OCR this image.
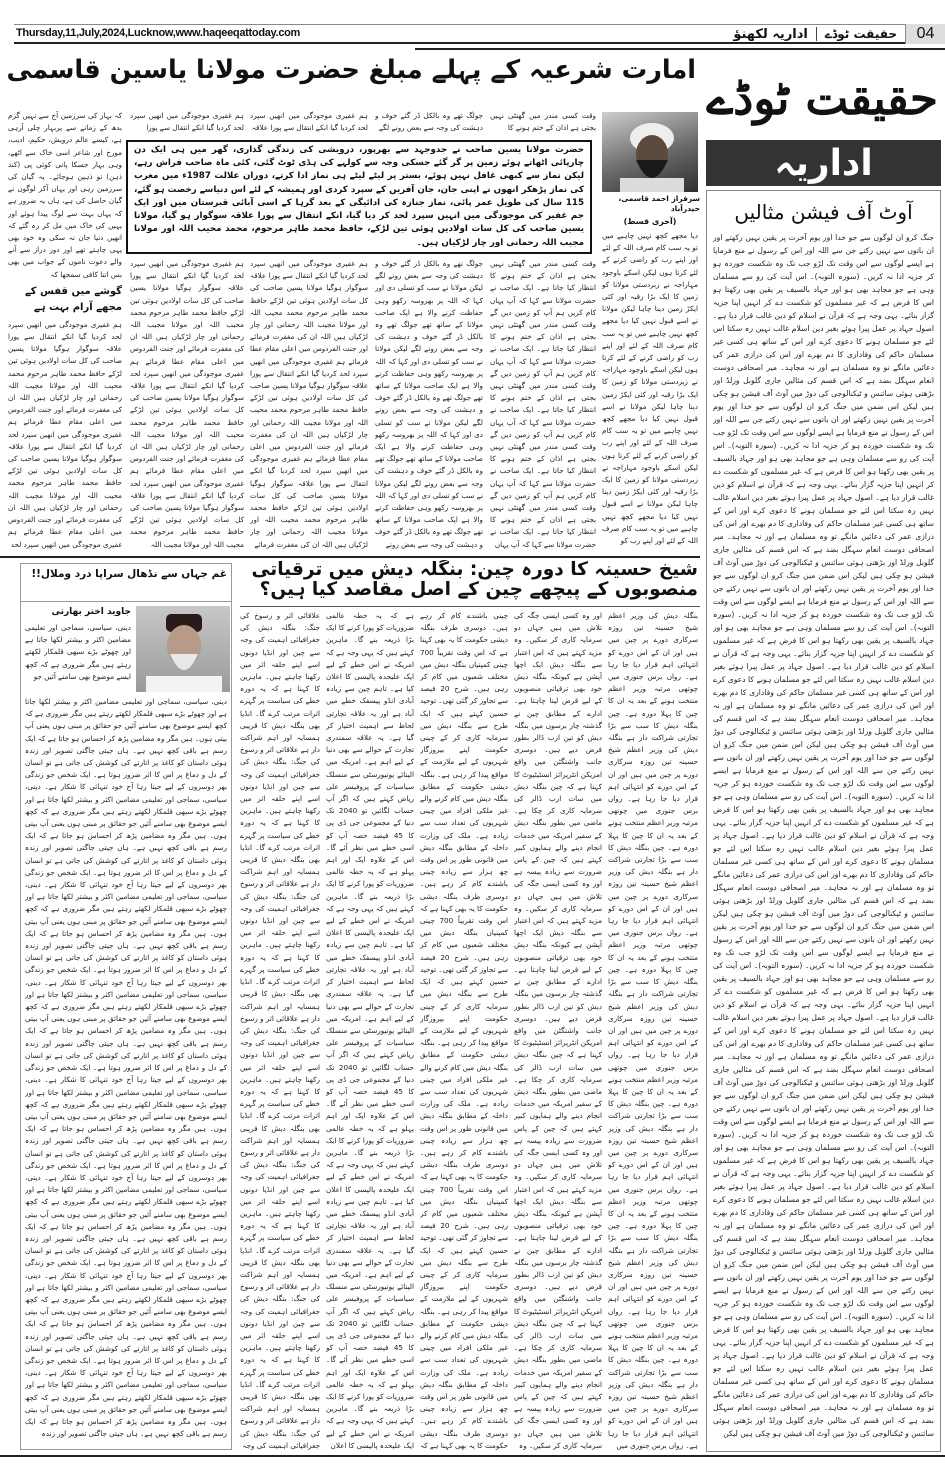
Thursday,11,July,2024,Lucknow,www.haqeeqattoday.com	04
حقیقت ٹوڈے
اداریہ لکھنؤ
امارت شرعیہ کے پہلے مبلغ حضرت مولانا یاسین قاسمی
حقیقت ٹوڈے
اداریہ
آوٹ آف فیشن مثالیں
جنگ کرو ان لوگوں سے جو خدا اور یوم آخرت پر یقین نہیں رکھتے اور ان باتوں سے نہیں رکتے جن سے اللہ اور اس کے رسول نے منع فرمایا ہے ایسے لوگوں سے اس وقت تک لڑو جب تک وہ شکست خوردہ ہو کر جزیہ ادا نہ کریں۔ (سورہ التوبہ)۔ اس آیت کی رو سے مسلمان وہی ہے جو مجاہد بھی ہو اور جہاد بالسیف پر یقین بھی رکھتا ہو اس کا فرض ہے کہ غیر مسلموں کو شکست دے کر انہیں اپنا جزیہ گزار بنائے۔ یہی وجہ ہے کہ قرآن نے اسلام کو دین غالب قرار دیا ہے۔ اصول جہاد پر عمل پیرا ہوئے بغیر دین اسلام غالب نہیں رہ سکتا اس لئے جو مسلمان ہونے کا دعوی کرے اور اس کے ساتھ ہی کسی غیر مسلمان حاکم کی وفاداری کا دم بھرے اور اس کی درازی عمر کی دعائیں مانگے تو وہ مسلمان ہے اور نہ مجاہد۔ میر اصحافی دوست انعام سہگل بضد ہے کہ اس قسم کی مثالیں جاری گلوبل ورلڈ اور بڑھتی ہوئی سائنس و ٹیکنالوجی کی دوڑ میں آوٹ آف فیشن ہو چکی ہیں لیکن اس ضمن میں جنگ کرو ان لوگوں سے جو خدا اور یوم آخرت پر یقین نہیں رکھتے اور ان باتوں سے نہیں رکتے جن سے اللہ اور اس کے رسول نے منع فرمایا ہے ایسے لوگوں سے اس وقت تک لڑو جب تک وہ شکست خوردہ ہو کر جزیہ ادا نہ کریں۔ (سورہ التوبہ)۔ اس آیت کی رو سے مسلمان وہی ہے جو مجاہد بھی ہو اور جہاد بالسیف پر یقین بھی رکھتا ہو اس کا فرض ہے کہ غیر مسلموں کو شکست دے کر انہیں اپنا جزیہ گزار بنائے۔ یہی وجہ ہے کہ قرآن نے اسلام کو دین غالب قرار دیا ہے۔ اصول جہاد پر عمل پیرا ہوئے بغیر دین اسلام غالب نہیں رہ سکتا اس لئے جو مسلمان ہونے کا دعوی کرے اور اس کے ساتھ ہی کسی غیر مسلمان حاکم کی وفاداری کا دم بھرے اور اس کی درازی عمر کی دعائیں مانگے تو وہ مسلمان ہے اور نہ مجاہد۔ میر اصحافی دوست انعام سہگل بضد ہے کہ اس قسم کی مثالیں جاری گلوبل ورلڈ اور بڑھتی ہوئی سائنس و ٹیکنالوجی کی دوڑ میں آوٹ آف فیشن ہو چکی ہیں لیکن اس ضمن میں جنگ کرو ان لوگوں سے جو خدا اور یوم آخرت پر یقین نہیں رکھتے اور ان باتوں سے نہیں رکتے جن سے اللہ اور اس کے رسول نے منع فرمایا ہے ایسے لوگوں سے اس وقت تک لڑو جب تک وہ شکست خوردہ ہو کر جزیہ ادا نہ کریں۔ (سورہ التوبہ)۔ اس آیت کی رو سے مسلمان وہی ہے جو مجاہد بھی ہو اور جہاد بالسیف پر یقین بھی رکھتا ہو اس کا فرض ہے کہ غیر مسلموں کو شکست دے کر انہیں اپنا جزیہ گزار بنائے۔ یہی وجہ ہے کہ قرآن نے اسلام کو دین غالب قرار دیا ہے۔ اصول جہاد پر عمل پیرا ہوئے بغیر دین اسلام غالب نہیں رہ سکتا اس لئے جو مسلمان ہونے کا دعوی کرے اور اس کے ساتھ ہی کسی غیر مسلمان حاکم کی وفاداری کا دم بھرے اور اس کی درازی عمر کی دعائیں مانگے تو وہ مسلمان ہے اور نہ مجاہد۔ میر اصحافی دوست انعام سہگل بضد ہے کہ اس قسم کی مثالیں جاری گلوبل ورلڈ اور بڑھتی ہوئی سائنس و ٹیکنالوجی کی دوڑ میں آوٹ آف فیشن ہو چکی ہیں لیکن اس ضمن میں جنگ کرو ان لوگوں سے جو خدا اور یوم آخرت پر یقین نہیں رکھتے اور ان باتوں سے نہیں رکتے جن سے اللہ اور اس کے رسول نے منع فرمایا ہے ایسے لوگوں سے اس وقت تک لڑو جب تک وہ شکست خوردہ ہو کر جزیہ ادا نہ کریں۔ (سورہ التوبہ)۔ اس آیت کی رو سے مسلمان وہی ہے جو مجاہد بھی ہو اور جہاد بالسیف پر یقین بھی رکھتا ہو اس کا فرض ہے کہ غیر مسلموں کو شکست دے کر انہیں اپنا جزیہ گزار بنائے۔ یہی وجہ ہے کہ قرآن نے اسلام کو دین غالب قرار دیا ہے۔ اصول جہاد پر عمل پیرا ہوئے بغیر دین اسلام غالب نہیں رہ سکتا اس لئے جو مسلمان ہونے کا دعوی کرے اور اس کے ساتھ ہی کسی غیر مسلمان حاکم کی وفاداری کا دم بھرے اور اس کی درازی عمر کی دعائیں مانگے تو وہ مسلمان ہے اور نہ مجاہد۔ میر اصحافی دوست انعام سہگل بضد ہے کہ اس قسم کی مثالیں جاری گلوبل ورلڈ اور بڑھتی ہوئی سائنس و ٹیکنالوجی کی دوڑ میں آوٹ آف فیشن ہو چکی ہیں لیکن اس ضمن میں جنگ کرو ان لوگوں سے جو خدا اور یوم آخرت پر یقین نہیں رکھتے اور ان باتوں سے نہیں رکتے جن سے اللہ اور اس کے رسول نے منع فرمایا ہے ایسے لوگوں سے اس وقت تک لڑو جب تک وہ شکست خوردہ ہو کر جزیہ ادا نہ کریں۔ (سورہ التوبہ)۔ اس آیت کی رو سے مسلمان وہی ہے جو مجاہد بھی ہو اور جہاد بالسیف پر یقین بھی رکھتا ہو اس کا فرض ہے کہ غیر مسلموں کو شکست دے کر انہیں اپنا جزیہ گزار بنائے۔ یہی وجہ ہے کہ قرآن نے اسلام کو دین غالب قرار دیا ہے۔ اصول جہاد پر عمل پیرا ہوئے بغیر دین اسلام غالب نہیں رہ سکتا اس لئے جو مسلمان ہونے کا دعوی کرے اور اس کے ساتھ ہی کسی غیر مسلمان حاکم کی وفاداری کا دم بھرے اور اس کی درازی عمر کی دعائیں مانگے تو وہ مسلمان ہے اور نہ مجاہد۔ میر اصحافی دوست انعام سہگل بضد ہے کہ اس قسم کی مثالیں جاری گلوبل ورلڈ اور بڑھتی ہوئی سائنس و ٹیکنالوجی کی دوڑ میں آوٹ آف فیشن ہو چکی ہیں لیکن اس ضمن میں جنگ کرو ان لوگوں سے جو خدا اور یوم آخرت پر یقین نہیں رکھتے اور ان باتوں سے نہیں رکتے جن سے اللہ اور اس کے رسول نے منع فرمایا ہے ایسے لوگوں سے اس وقت تک لڑو جب تک وہ شکست خوردہ ہو کر جزیہ ادا نہ کریں۔ (سورہ التوبہ)۔ اس آیت کی رو سے مسلمان وہی ہے جو مجاہد بھی ہو اور جہاد بالسیف پر یقین بھی رکھتا ہو اس کا فرض ہے کہ غیر مسلموں کو شکست دے کر انہیں اپنا جزیہ گزار بنائے۔ یہی وجہ ہے کہ قرآن نے اسلام کو دین غالب قرار دیا ہے۔ اصول جہاد پر عمل پیرا ہوئے بغیر دین اسلام غالب نہیں رہ سکتا اس لئے جو مسلمان ہونے کا دعوی کرے اور اس کے ساتھ ہی کسی غیر مسلمان حاکم کی وفاداری کا دم بھرے اور اس کی درازی عمر کی دعائیں مانگے تو وہ مسلمان ہے اور نہ مجاہد۔ میر اصحافی دوست انعام سہگل بضد ہے کہ اس قسم کی مثالیں جاری گلوبل ورلڈ اور بڑھتی ہوئی سائنس و ٹیکنالوجی کی دوڑ میں آوٹ آف فیشن ہو چکی ہیں لیکن اس ضمن میں جنگ کرو ان لوگوں سے جو خدا اور یوم آخرت پر یقین نہیں رکھتے اور ان باتوں سے نہیں رکتے جن سے اللہ اور اس کے رسول نے منع فرمایا ہے ایسے لوگوں سے اس وقت تک لڑو جب تک وہ شکست خوردہ ہو کر جزیہ ادا نہ کریں۔ (سورہ التوبہ)۔ اس آیت کی رو سے مسلمان وہی ہے جو مجاہد بھی ہو اور جہاد بالسیف پر یقین بھی رکھتا ہو اس کا فرض ہے کہ غیر مسلموں کو شکست دے کر انہیں اپنا جزیہ گزار بنائے۔ یہی وجہ ہے کہ قرآن نے اسلام کو دین غالب قرار دیا ہے۔ اصول جہاد پر عمل پیرا ہوئے بغیر دین اسلام غالب نہیں رہ سکتا اس لئے جو مسلمان ہونے کا دعوی کرے اور اس کے ساتھ ہی کسی غیر مسلمان حاکم کی وفاداری کا دم بھرے اور اس کی درازی عمر کی دعائیں مانگے تو وہ مسلمان ہے اور نہ مجاہد۔ میر اصحافی دوست انعام سہگل بضد ہے کہ اس قسم کی مثالیں جاری گلوبل ورلڈ اور بڑھتی ہوئی سائنس و ٹیکنالوجی کی دوڑ میں آوٹ آف فیشن ہو چکی ہیں لیکن
سرفراز احمد قاسمی، حیدرآباد
(آخری قسط)
دیا مجھے کچھ نہیں چاہیے میں تو یہ سب کام صرف اللہ کے لئے اور اپنے رب کو راضی کرنے کے لئے کرتا ہوں لیکن اسکے باوجود مہاراجہ نے زبردستی مولانا کو زمین کا ایک بڑا رقبہ اور کئی ایکڑ زمین دینا چاہا لیکن مولانا نے اسے قبول نہیں کیا دیا مجھے کچھ نہیں چاہیے میں تو یہ سب کام صرف اللہ کے لئے اور اپنے رب کو راضی کرنے کے لئے کرتا ہوں لیکن اسکے باوجود مہاراجہ نے زبردستی مولانا کو زمین کا ایک بڑا رقبہ اور کئی ایکڑ زمین دینا چاہا لیکن مولانا نے اسے قبول نہیں کیا دیا مجھے کچھ نہیں چاہیے میں تو یہ سب کام صرف اللہ کے لئے اور اپنے رب کو راضی کرنے کے لئے کرتا ہوں لیکن اسکے باوجود مہاراجہ نے زبردستی مولانا کو زمین کا ایک بڑا رقبہ اور کئی ایکڑ زمین دینا چاہا لیکن مولانا نے اسے قبول نہیں کیا دیا مجھے کچھ نہیں چاہیے میں تو یہ سب کام صرف اللہ کے لئے اور اپنے رب کو
وقت کسی مندر میں گھنٹی نہیں بجتی ہے اذان کے ختم ہونے کا
وقت کسی مندر میں گھنٹی نہیں بجتی ہے اذان کے ختم ہونے کا انتظار کیا جاتا ہے۔ ایک صاحب نے حضرت مولانا سے کہا کہ آپ یہاں کام کریں ہم آپ کو زمین دیں گے وقت کسی مندر میں گھنٹی نہیں بجتی ہے اذان کے ختم ہونے کا انتظار کیا جاتا ہے۔ ایک صاحب نے حضرت مولانا سے کہا کہ آپ یہاں کام کریں ہم آپ کو زمین دیں گے وقت کسی مندر میں گھنٹی نہیں بجتی ہے اذان کے ختم ہونے کا انتظار کیا جاتا ہے۔ ایک صاحب نے حضرت مولانا سے کہا کہ آپ یہاں کام کریں ہم آپ کو زمین دیں گے وقت کسی مندر میں گھنٹی نہیں بجتی ہے اذان کے ختم ہونے کا انتظار کیا جاتا ہے۔ ایک صاحب نے حضرت مولانا سے کہا کہ آپ یہاں کام کریں ہم آپ کو زمین دیں گے وقت کسی مندر میں گھنٹی نہیں بجتی ہے اذان کے ختم ہونے کا انتظار کیا جاتا ہے۔ ایک صاحب نے حضرت مولانا سے کہا کہ آپ یہاں
جولگ تھے وہ بالکل ڈر گئے خوف و دہشت کی وجہ سے بعض رونے لگے
جولگ تھے وہ بالکل ڈر گئے خوف و دہشت کی وجہ سے بعض رونے لگے لیکن مولانا نے سب کو تسلی دی اور کہا کہ اللہ پر بھروسہ رکھو وہی حفاظت کرنے والا ہے ایک صاحب مولانا کے ساتھ تھے جولگ تھے وہ بالکل ڈر گئے خوف و دہشت کی وجہ سے بعض رونے لگے لیکن مولانا نے سب کو تسلی دی اور کہا کہ اللہ پر بھروسہ رکھو وہی حفاظت کرنے والا ہے ایک صاحب مولانا کے ساتھ تھے جولگ تھے وہ بالکل ڈر گئے خوف و دہشت کی وجہ سے بعض رونے لگے لیکن مولانا نے سب کو تسلی دی اور کہا کہ اللہ پر بھروسہ رکھو وہی حفاظت کرنے والا ہے ایک صاحب مولانا کے ساتھ تھے جولگ تھے وہ بالکل ڈر گئے خوف و دہشت کی وجہ سے بعض رونے لگے لیکن مولانا نے سب کو تسلی دی اور کہا کہ اللہ پر بھروسہ رکھو وہی حفاظت کرنے والا ہے ایک صاحب مولانا کے ساتھ تھے جولگ تھے وہ بالکل ڈر گئے خوف و دہشت کی وجہ سے بعض رونے
ہم غفیری موجودگی میں انھیں سپرد لحد کردیا گیا انکے انتقال سے پورا علاقہ
ہم غفیری موجودگی میں انھیں سپرد لحد کردیا گیا انکے انتقال سے پورا علاقہ سوگوار ہوگیا مولانا یسین صاحب کی کل سات اولادیں ہوئی تین لڑکے حافظ محمد طاہر مرحوم محمد محیب اللہ اور مولانا مجیب اللہ رحمانی اور چار لڑکیاں ہیں اللہ ان کی مغفرت فرمائے اور جنت الفردوس میں اعلی مقام عطا فرمائے ہم غفیری موجودگی میں انھیں سپرد لحد کردیا گیا انکے انتقال سے پورا علاقہ سوگوار ہوگیا مولانا یسین صاحب کی کل سات اولادیں ہوئی تین لڑکے حافظ محمد طاہر مرحوم محمد محیب اللہ اور مولانا مجیب اللہ رحمانی اور چار لڑکیاں ہیں اللہ ان کی مغفرت فرمائے اور جنت الفردوس میں اعلی مقام عطا فرمائے ہم غفیری موجودگی میں انھیں سپرد لحد کردیا گیا انکے انتقال سے پورا علاقہ سوگوار ہوگیا مولانا یسین صاحب کی کل سات اولادیں ہوئی تین لڑکے حافظ محمد طاہر مرحوم محمد محیب اللہ اور مولانا مجیب اللہ رحمانی اور چار لڑکیاں ہیں اللہ ان کی مغفرت فرمائے
ہم غفیری موجودگی میں انھیں سپرد لحد کردیا گیا انکے انتقال سے پورا
ہم غفیری موجودگی میں انھیں سپرد لحد کردیا گیا انکے انتقال سے پورا علاقہ سوگوار ہوگیا مولانا یسین صاحب کی کل سات اولادیں ہوئی تین لڑکے حافظ محمد طاہر مرحوم محمد محیب اللہ اور مولانا مجیب اللہ رحمانی اور چار لڑکیاں ہیں اللہ ان کی مغفرت فرمائے اور جنت الفردوس میں اعلی مقام عطا فرمائے ہم غفیری موجودگی میں انھیں سپرد لحد کردیا گیا انکے انتقال سے پورا علاقہ سوگوار ہوگیا مولانا یسین صاحب کی کل سات اولادیں ہوئی تین لڑکے حافظ محمد طاہر مرحوم محمد محیب اللہ اور مولانا مجیب اللہ رحمانی اور چار لڑکیاں ہیں اللہ ان کی مغفرت فرمائے اور جنت الفردوس میں اعلی مقام عطا فرمائے ہم غفیری موجودگی میں انھیں سپرد لحد کردیا گیا انکے انتقال سے پورا علاقہ سوگوار ہوگیا مولانا یسین صاحب کی کل سات اولادیں ہوئی تین لڑکے حافظ محمد طاہر مرحوم محمد محیب اللہ اور مولانا مجیب اللہ
کہ بہار کی سرزمین آج سے نہیں گزم بدھ کے زمانے سے پربہار چلی آرہی ہے، کیسے عالم درویش، حکیم، ادیب، مورخ اور شاعر اسی خاک سے اٹھے، وہی بہار جسکا پانی کوئی پی (کند ذہن) تو ذہین ہوجائے۔ یہ گیان کی سرزمین رہی اور یہاں آکر لوگوں نے گیان حاصل کی ہے، ہاں یہ ضرور ہے کہ یہاں بہت سے لوگ پیدا ہوئے اور یہیں کی خاک میں مل کر رہ گئے کہ انھیں دنیا جان نہ سکی وہ خود بھی یہی چاہتے تھے اور دور دراز سے آنے والے دعوت ناموں کے جواب میں بھی بس اتنا کافی سمجھا کہ
گوشے میں قفس کے مجھے آرام بہت ہے
ہم غفیری موجودگی میں انھیں سپرد لحد کردیا گیا انکے انتقال سے پورا علاقہ سوگوار ہوگیا مولانا یسین صاحب کی کل سات اولادیں ہوئی تین لڑکے حافظ محمد طاہر مرحوم محمد محیب اللہ اور مولانا مجیب اللہ رحمانی اور چار لڑکیاں ہیں اللہ ان کی مغفرت فرمائے اور جنت الفردوس میں اعلی مقام عطا فرمائے ہم غفیری موجودگی میں انھیں سپرد لحد کردیا گیا انکے انتقال سے پورا علاقہ سوگوار ہوگیا مولانا یسین صاحب کی کل سات اولادیں ہوئی تین لڑکے حافظ محمد طاہر مرحوم محمد محیب اللہ اور مولانا مجیب اللہ رحمانی اور چار لڑکیاں ہیں اللہ ان کی مغفرت فرمائے اور جنت الفردوس میں اعلی مقام عطا فرمائے ہم غفیری موجودگی میں انھیں سپرد لحد
حضرت مولانا یسین صاحب نے جدوجہد سے بھرپور، درویشی کی زندگی گذاری، گھر میں ہی ایک دن چارپائی اٹھاتے ہوئے زمین پر گر گئے جسکی وجہ سے کولہے کی ہڈی ٹوٹ گئی، کئی ماہ صاحب فراش رہے، لیکن نماز سے کبھی غافل نہیں ہوئے، بستر پر لیٹے لیٹے ہی نماز ادا کرتے، دوران علالت 1987ء میں مغرب کی نماز پڑھکر انھوں نے اپنی جان، جان آفریں کے سپرد کردی اور ہمیشہ کے لئے اس دنیاسے رخصت ہو گئے، 115 سال کی طویل عمر پائی، نماز جنازہ کی ادائیگی کے بعد گرہا کے اسی آبائی قبرستان میں اور ایک جم غفیر کی موجودگی میں انہیں سپرد لحد کر دیا گیا، انکے انتقال سے پورا علاقہ سوگوار ہو گیا، مولانا یسین صاحب کی کل سات اولادیں ہوئی تین لڑکے، حافظ محمد طاہر مرحوم، محمد محیب اللہ اور مولانا مجیب اللہ رحمانی اور چار لڑکیاں ہیں۔
شیخ حسینہ کا دورہ چین: بنگلہ دیش میں ترقیاتی منصوبوں کے پیچھے چین کے اصل مقاصد کیا ہیں؟
بنگلہ دیش کی وزیر اعظم شیخ حسینہ تین روزہ سرکاری دورے پر چین میں ہیں اور ان کے اس دورے کو انتہائی اہم قرار دیا جا رہا ہے۔ رواں برس جنوری میں چوتھی مرتبہ وزیر اعظم منتخب ہونے کے بعد یہ ان کا چین کا پہلا دورہ ہے۔ چین بنگلہ دیش کا سب سے بڑا تجارتی شراکت دار ہے بنگلہ دیش کی وزیر اعظم شیخ حسینہ تین روزہ سرکاری دورے پر چین میں ہیں اور ان کے اس دورے کو انتہائی اہم قرار دیا جا رہا ہے۔ رواں برس جنوری میں چوتھی مرتبہ وزیر اعظم منتخب ہونے کے بعد یہ ان کا چین کا پہلا دورہ ہے۔ چین بنگلہ دیش کا سب سے بڑا تجارتی شراکت دار ہے بنگلہ دیش کی وزیر اعظم شیخ حسینہ تین روزہ سرکاری دورے پر چین میں ہیں اور ان کے اس دورے کو انتہائی اہم قرار دیا جا رہا ہے۔ رواں برس جنوری میں چوتھی مرتبہ وزیر اعظم منتخب ہونے کے بعد یہ ان کا چین کا پہلا دورہ ہے۔ چین بنگلہ دیش کا سب سے بڑا تجارتی شراکت دار ہے بنگلہ دیش کی وزیر اعظم شیخ حسینہ تین روزہ سرکاری دورے پر چین میں ہیں اور ان کے اس دورے کو انتہائی اہم قرار دیا جا رہا ہے۔ رواں برس جنوری میں چوتھی مرتبہ وزیر اعظم منتخب ہونے کے بعد یہ ان کا چین کا پہلا دورہ ہے۔ چین بنگلہ دیش کا سب سے بڑا تجارتی شراکت دار ہے بنگلہ دیش کی وزیر اعظم شیخ حسینہ تین روزہ سرکاری دورے پر چین میں ہیں اور ان کے اس دورے کو انتہائی اہم قرار دیا جا رہا ہے۔ رواں برس جنوری میں چوتھی مرتبہ وزیر اعظم منتخب ہونے کے بعد یہ ان کا چین کا پہلا دورہ ہے۔ چین بنگلہ دیش کا سب سے بڑا تجارتی شراکت دار ہے بنگلہ دیش کی وزیر اعظم شیخ حسینہ تین روزہ سرکاری دورے پر چین میں ہیں اور ان کے اس دورے کو انتہائی اہم قرار دیا جا رہا ہے۔ رواں برس جنوری میں چوتھی مرتبہ وزیر اعظم منتخب ہونے کے بعد یہ ان کا چین کا پہلا دورہ ہے۔ چین بنگلہ دیش کا سب سے بڑا تجارتی شراکت دار ہے بنگلہ دیش کی وزیر اعظم شیخ حسینہ تین روزہ سرکاری دورے پر چین میں ہیں اور ان کے اس دورے کو انتہائی اہم قرار دیا جا رہا ہے۔ رواں برس جنوری میں
اور وہ کسی ایسی جگہ کی تلاش میں ہیں جہاں دو سرمایہ کاری کر سکیں۔ وہ مزید کہتے ہیں کہ اس اعتبار سے بنگلہ دیش ایک اچھا آپشن ہے کیونکہ بنگلہ دیش خود بھی ترقیاتی منصوبوں کے لیے قرض لینا چاہتا ہے۔ ادارے کے مطابق چین نے گذشتہ چار برسوں میں بنگلہ دیش کو تین ارب ڈالر بطور قرض دیے ہیں۔ دوسری جانب واشنگٹن میں واقع امریکن انٹرپرائز انسٹیٹیوٹ کا کہنا ہے کہ چین بنگلہ دیش میں سات ارب ڈالر کی سرمایہ کاری کر چکا ہے۔ ماضی میں بطور بنگلہ دیش کے سفیر امریکہ میں خدمات انجام دینے والے ہمایوں کبیر کہتے ہیں کہ چین کے پاس ضرورت سے زیادہ پیسہ ہے اور وہ کسی ایسی جگہ کی تلاش میں ہیں جہاں دو سرمایہ کاری کر سکیں۔ وہ مزید کہتے ہیں کہ اس اعتبار سے بنگلہ دیش ایک اچھا آپشن ہے کیونکہ بنگلہ دیش خود بھی ترقیاتی منصوبوں کے لیے قرض لینا چاہتا ہے۔ ادارے کے مطابق چین نے گذشتہ چار برسوں میں بنگلہ دیش کو تین ارب ڈالر بطور قرض دیے ہیں۔ دوسری جانب واشنگٹن میں واقع امریکن انٹرپرائز انسٹیٹیوٹ کا کہنا ہے کہ چین بنگلہ دیش میں سات ارب ڈالر کی سرمایہ کاری کر چکا ہے۔ ماضی میں بطور بنگلہ دیش کے سفیر امریکہ میں خدمات انجام دینے والے ہمایوں کبیر کہتے ہیں کہ چین کے پاس ضرورت سے زیادہ پیسہ ہے اور وہ کسی ایسی جگہ کی تلاش میں ہیں جہاں دو سرمایہ کاری کر سکیں۔ وہ مزید کہتے ہیں کہ اس اعتبار سے بنگلہ دیش ایک اچھا آپشن ہے کیونکہ بنگلہ دیش خود بھی ترقیاتی منصوبوں کے لیے قرض لینا چاہتا ہے۔ ادارے کے مطابق چین نے گذشتہ چار برسوں میں بنگلہ دیش کو تین ارب ڈالر بطور قرض دیے ہیں۔ دوسری جانب واشنگٹن میں واقع امریکن انٹرپرائز انسٹیٹیوٹ کا کہنا ہے کہ چین بنگلہ دیش میں سات ارب ڈالر کی سرمایہ کاری کر چکا ہے۔ ماضی میں بطور بنگلہ دیش کے سفیر امریکہ میں خدمات انجام دینے والے ہمایوں کبیر کہتے ہیں کہ چین کے پاس ضرورت سے زیادہ پیسہ ہے اور وہ کسی ایسی جگہ کی تلاش میں ہیں جہاں دو سرمایہ کاری کر سکیں۔ وہ
چینی باشندے کام کر رہے ہیں۔ دوسری طرف بنگلہ دیشی حکومت کا یہ بھی کہنا ہے کہ اس وقت تقریباً 700 چینی کمپنیاں بنگلہ دیش میں مختلف شعبوں میں کام کر رہی ہیں۔ شرح 20 فیصد سے تجاوز کر گئی تھی۔ توحید حسین کہتے ہیں کہ ایک طرح سے بنگلہ دیش میں سرمایہ کاری کر کے چینی حکومت اپنے بیروزگار شہریوں کے لیے ملازمت کے مواقع پیدا کر رہی ہے۔ بنگلہ دیشی حکومت کے مطابق بنگلہ دیش میں کام کرنے والے غیر ملکی افراد میں چینی شہریوں کی تعداد سب سے زیادہ ہے۔ ملک کی وزارت داخلہ کے مطابق بنگلہ دیش میں قانونی طور پر اس وقت چھ ہزار سے زیادہ چینی باشندے کام کر رہے ہیں۔ دوسری طرف بنگلہ دیشی حکومت کا یہ بھی کہنا ہے کہ اس وقت تقریباً 700 چینی کمپنیاں بنگلہ دیش میں مختلف شعبوں میں کام کر رہی ہیں۔ شرح 20 فیصد سے تجاوز کر گئی تھی۔ توحید حسین کہتے ہیں کہ ایک طرح سے بنگلہ دیش میں سرمایہ کاری کر کے چینی حکومت اپنے بیروزگار شہریوں کے لیے ملازمت کے مواقع پیدا کر رہی ہے۔ بنگلہ دیشی حکومت کے مطابق بنگلہ دیش میں کام کرنے والے غیر ملکی افراد میں چینی شہریوں کی تعداد سب سے زیادہ ہے۔ ملک کی وزارت داخلہ کے مطابق بنگلہ دیش میں قانونی طور پر اس وقت چھ ہزار سے زیادہ چینی باشندے کام کر رہے ہیں۔ دوسری طرف بنگلہ دیشی حکومت کا یہ بھی کہنا ہے کہ اس وقت تقریباً 700 چینی کمپنیاں بنگلہ دیش میں مختلف شعبوں میں کام کر رہی ہیں۔ شرح 20 فیصد سے تجاوز کر گئی تھی۔ توحید حسین کہتے ہیں کہ ایک طرح سے بنگلہ دیش میں سرمایہ کاری کر کے چینی حکومت اپنے بیروزگار شہریوں کے لیے ملازمت کے مواقع پیدا کر رہی ہے۔ بنگلہ دیشی حکومت کے مطابق بنگلہ دیش میں کام کرنے والے غیر ملکی افراد میں چینی شہریوں کی تعداد سب سے زیادہ ہے۔ ملک کی وزارت داخلہ کے مطابق بنگلہ دیش میں قانونی طور پر اس وقت چھ ہزار سے زیادہ چینی باشندے کام کر رہے ہیں۔ دوسری طرف بنگلہ دیشی حکومت کا یہ بھی کہنا ہے کہ
ہے کہ یہ خطہ عالمی ضروریات کو پورا کرنے کا ایک بڑا ذریعہ بنے گا۔ ماہرین کہتے ہیں کہ یہی وجہ ہے کہ امریکہ نے اس خطے کے لیے ایک علیحدہ پالیسی کا اعلان کیا ہے۔ تاہم چین سے زیادہ آبادی انڈو پیسفک خطے میں آباد ہے اور یہ علاقہ تجارتی لحاظ سے اہمیت اختیار کر گیا ہے۔ یہ علاقہ سمندری تجارت کے حوالے سے بھی دنیا کے لیے اہم ہے۔ امریکہ میں الینائے یونیورسٹی سے منسلک سیاسیات کے پروفیسر علی ریاض کہتے ہیں کہ اگر آپ حساب لگائیں تو 2040 تک دنیا کے مجموعی جی ڈی پی کا 45 فیصد حصہ آپ کو اسی خطے میں نظر آئے گا۔ اس کے علاوہ ایک اور اہم پہلو ہے کہ یہ خطہ عالمی ضروریات کو پورا کرنے کا ایک بڑا ذریعہ بنے گا۔ ماہرین کہتے ہیں کہ یہی وجہ ہے کہ امریکہ نے اس خطے کے لیے ایک علیحدہ پالیسی کا اعلان کیا ہے۔ تاہم چین سے زیادہ آبادی انڈو پیسفک خطے میں آباد ہے اور یہ علاقہ تجارتی لحاظ سے اہمیت اختیار کر گیا ہے۔ یہ علاقہ سمندری تجارت کے حوالے سے بھی دنیا کے لیے اہم ہے۔ امریکہ میں الینائے یونیورسٹی سے منسلک سیاسیات کے پروفیسر علی ریاض کہتے ہیں کہ اگر آپ حساب لگائیں تو 2040 تک دنیا کے مجموعی جی ڈی پی کا 45 فیصد حصہ آپ کو اسی خطے میں نظر آئے گا۔ اس کے علاوہ ایک اور اہم پہلو ہے کہ یہ خطہ عالمی ضروریات کو پورا کرنے کا ایک بڑا ذریعہ بنے گا۔ ماہرین کہتے ہیں کہ یہی وجہ ہے کہ امریکہ نے اس خطے کے لیے ایک علیحدہ پالیسی کا اعلان کیا ہے۔ تاہم چین سے زیادہ آبادی انڈو پیسفک خطے میں آباد ہے اور یہ علاقہ تجارتی لحاظ سے اہمیت اختیار کر گیا ہے۔ یہ علاقہ سمندری تجارت کے حوالے سے بھی دنیا کے لیے اہم ہے۔ امریکہ میں الینائے یونیورسٹی سے منسلک سیاسیات کے پروفیسر علی ریاض کہتے ہیں کہ اگر آپ حساب لگائیں تو 2040 تک دنیا کے مجموعی جی ڈی پی کا 45 فیصد حصہ آپ کو اسی خطے میں نظر آئے گا۔ اس کے علاوہ ایک اور اہم پہلو ہے کہ یہ خطہ عالمی ضروریات کو پورا کرنے کا ایک بڑا ذریعہ بنے گا۔ ماہرین کہتے ہیں کہ یہی وجہ ہے کہ امریکہ نے اس خطے کے لیے ایک علیحدہ پالیسی کا اعلان
علاقائی اثر و رسوخ کی جنگ: بنگلہ دیش کی جغرافیائی اہمیت کی وجہ سے چین اور انڈیا دونوں اسے اپنے حلقہ اثر میں رکھنا چاہتے ہیں۔ ماہرین کا کہنا ہے کہ یہ دورہ خطے کی سیاست پر گہرے اثرات مرتب کرے گا۔ انڈیا بھی بنگلہ دیش کا قریبی ہمسایہ اور اہم شراکت دار ہے علاقائی اثر و رسوخ کی جنگ: بنگلہ دیش کی جغرافیائی اہمیت کی وجہ سے چین اور انڈیا دونوں اسے اپنے حلقہ اثر میں رکھنا چاہتے ہیں۔ ماہرین کا کہنا ہے کہ یہ دورہ خطے کی سیاست پر گہرے اثرات مرتب کرے گا۔ انڈیا بھی بنگلہ دیش کا قریبی ہمسایہ اور اہم شراکت دار ہے علاقائی اثر و رسوخ کی جنگ: بنگلہ دیش کی جغرافیائی اہمیت کی وجہ سے چین اور انڈیا دونوں اسے اپنے حلقہ اثر میں رکھنا چاہتے ہیں۔ ماہرین کا کہنا ہے کہ یہ دورہ خطے کی سیاست پر گہرے اثرات مرتب کرے گا۔ انڈیا بھی بنگلہ دیش کا قریبی ہمسایہ اور اہم شراکت دار ہے علاقائی اثر و رسوخ کی جنگ: بنگلہ دیش کی جغرافیائی اہمیت کی وجہ سے چین اور انڈیا دونوں اسے اپنے حلقہ اثر میں رکھنا چاہتے ہیں۔ ماہرین کا کہنا ہے کہ یہ دورہ خطے کی سیاست پر گہرے اثرات مرتب کرے گا۔ انڈیا بھی بنگلہ دیش کا قریبی ہمسایہ اور اہم شراکت دار ہے علاقائی اثر و رسوخ کی جنگ: بنگلہ دیش کی جغرافیائی اہمیت کی وجہ سے چین اور انڈیا دونوں اسے اپنے حلقہ اثر میں رکھنا چاہتے ہیں۔ ماہرین کا کہنا ہے کہ یہ دورہ خطے کی سیاست پر گہرے اثرات مرتب کرے گا۔ انڈیا بھی بنگلہ دیش کا قریبی ہمسایہ اور اہم شراکت دار ہے علاقائی اثر و رسوخ کی جنگ: بنگلہ دیش کی جغرافیائی اہمیت کی وجہ سے چین اور انڈیا دونوں اسے اپنے حلقہ اثر میں رکھنا چاہتے ہیں۔ ماہرین کا کہنا ہے کہ یہ دورہ خطے کی سیاست پر گہرے اثرات مرتب کرے گا۔ انڈیا بھی بنگلہ دیش کا قریبی ہمسایہ اور اہم شراکت دار ہے علاقائی اثر و رسوخ کی جنگ: بنگلہ دیش کی جغرافیائی اہمیت کی وجہ
غم جہاں سے نڈھال سراپا درد وملال!!
جاوید اختر بھارتی
دینی، سیاسی، سماجی اور تعلیمی مضامین اکثر و بیشتر لکھا جاتا ہے اور چھوٹے بڑے سبھی قلمکار لکھتے رہتے ہیں مگر ضروری ہے کہ کچھ ایسے موضوع بھی سامنے آئیں جو
دینی، سیاسی، سماجی اور تعلیمی مضامین اکثر و بیشتر لکھا جاتا ہے اور چھوٹے بڑے سبھی قلمکار لکھتے رہتے ہیں مگر ضروری ہے کہ کچھ ایسے موضوع بھی سامنے آئیں جو حقائق پر مبنی ہوں یعنی آپ بیتی ہوں۔ ہیں مگر وہ مضامین پڑھ کر احساس ہو جاتا ہے کہ ایک رسم ہے باقی کچھ نہیں ہے۔ ہاں جیتی جاگتی تصویر اور زندہ ہوئی داستان کو کاغذ پر اتارنے کی کوشش کی جاتی ہے تو انسان کے دل و دماغ پر اس کا اثر ضرور ہوتا ہے۔ ایک شخص جو زندگی بھر دوسروں کے لیے جیتا رہا آج خود تنہائی کا شکار ہے۔ دینی، سیاسی، سماجی اور تعلیمی مضامین اکثر و بیشتر لکھا جاتا ہے اور چھوٹے بڑے سبھی قلمکار لکھتے رہتے ہیں مگر ضروری ہے کہ کچھ ایسے موضوع بھی سامنے آئیں جو حقائق پر مبنی ہوں یعنی آپ بیتی ہوں۔ ہیں مگر وہ مضامین پڑھ کر احساس ہو جاتا ہے کہ ایک رسم ہے باقی کچھ نہیں ہے۔ ہاں جیتی جاگتی تصویر اور زندہ ہوئی داستان کو کاغذ پر اتارنے کی کوشش کی جاتی ہے تو انسان کے دل و دماغ پر اس کا اثر ضرور ہوتا ہے۔ ایک شخص جو زندگی بھر دوسروں کے لیے جیتا رہا آج خود تنہائی کا شکار ہے۔ دینی، سیاسی، سماجی اور تعلیمی مضامین اکثر و بیشتر لکھا جاتا ہے اور چھوٹے بڑے سبھی قلمکار لکھتے رہتے ہیں مگر ضروری ہے کہ کچھ ایسے موضوع بھی سامنے آئیں جو حقائق پر مبنی ہوں یعنی آپ بیتی ہوں۔ ہیں مگر وہ مضامین پڑھ کر احساس ہو جاتا ہے کہ ایک رسم ہے باقی کچھ نہیں ہے۔ ہاں جیتی جاگتی تصویر اور زندہ ہوئی داستان کو کاغذ پر اتارنے کی کوشش کی جاتی ہے تو انسان کے دل و دماغ پر اس کا اثر ضرور ہوتا ہے۔ ایک شخص جو زندگی بھر دوسروں کے لیے جیتا رہا آج خود تنہائی کا شکار ہے۔ دینی، سیاسی، سماجی اور تعلیمی مضامین اکثر و بیشتر لکھا جاتا ہے اور چھوٹے بڑے سبھی قلمکار لکھتے رہتے ہیں مگر ضروری ہے کہ کچھ ایسے موضوع بھی سامنے آئیں جو حقائق پر مبنی ہوں یعنی آپ بیتی ہوں۔ ہیں مگر وہ مضامین پڑھ کر احساس ہو جاتا ہے کہ ایک رسم ہے باقی کچھ نہیں ہے۔ ہاں جیتی جاگتی تصویر اور زندہ ہوئی داستان کو کاغذ پر اتارنے کی کوشش کی جاتی ہے تو انسان کے دل و دماغ پر اس کا اثر ضرور ہوتا ہے۔ ایک شخص جو زندگی بھر دوسروں کے لیے جیتا رہا آج خود تنہائی کا شکار ہے۔ دینی، سیاسی، سماجی اور تعلیمی مضامین اکثر و بیشتر لکھا جاتا ہے اور چھوٹے بڑے سبھی قلمکار لکھتے رہتے ہیں مگر ضروری ہے کہ کچھ ایسے موضوع بھی سامنے آئیں جو حقائق پر مبنی ہوں یعنی آپ بیتی ہوں۔ ہیں مگر وہ مضامین پڑھ کر احساس ہو جاتا ہے کہ ایک رسم ہے باقی کچھ نہیں ہے۔ ہاں جیتی جاگتی تصویر اور زندہ ہوئی داستان کو کاغذ پر اتارنے کی کوشش کی جاتی ہے تو انسان کے دل و دماغ پر اس کا اثر ضرور ہوتا ہے۔ ایک شخص جو زندگی بھر دوسروں کے لیے جیتا رہا آج خود تنہائی کا شکار ہے۔ دینی، سیاسی، سماجی اور تعلیمی مضامین اکثر و بیشتر لکھا جاتا ہے اور چھوٹے بڑے سبھی قلمکار لکھتے رہتے ہیں مگر ضروری ہے کہ کچھ ایسے موضوع بھی سامنے آئیں جو حقائق پر مبنی ہوں یعنی آپ بیتی ہوں۔ ہیں مگر وہ مضامین پڑھ کر احساس ہو جاتا ہے کہ ایک رسم ہے باقی کچھ نہیں ہے۔ ہاں جیتی جاگتی تصویر اور زندہ ہوئی داستان کو کاغذ پر اتارنے کی کوشش کی جاتی ہے تو انسان کے دل و دماغ پر اس کا اثر ضرور ہوتا ہے۔ ایک شخص جو زندگی بھر دوسروں کے لیے جیتا رہا آج خود تنہائی کا شکار ہے۔ دینی، سیاسی، سماجی اور تعلیمی مضامین اکثر و بیشتر لکھا جاتا ہے اور چھوٹے بڑے سبھی قلمکار لکھتے رہتے ہیں مگر ضروری ہے کہ کچھ ایسے موضوع بھی سامنے آئیں جو حقائق پر مبنی ہوں یعنی آپ بیتی ہوں۔ ہیں مگر وہ مضامین پڑھ کر احساس ہو جاتا ہے کہ ایک رسم ہے باقی کچھ نہیں ہے۔ ہاں جیتی جاگتی تصویر اور زندہ ہوئی داستان کو کاغذ پر اتارنے کی کوشش کی جاتی ہے تو انسان کے دل و دماغ پر اس کا اثر ضرور ہوتا ہے۔ ایک شخص جو زندگی بھر دوسروں کے لیے جیتا رہا آج خود تنہائی کا شکار ہے۔ دینی، سیاسی، سماجی اور تعلیمی مضامین اکثر و بیشتر لکھا جاتا ہے اور چھوٹے بڑے سبھی قلمکار لکھتے رہتے ہیں مگر ضروری ہے کہ کچھ ایسے موضوع بھی سامنے آئیں جو حقائق پر مبنی ہوں یعنی آپ بیتی ہوں۔ ہیں مگر وہ مضامین پڑھ کر احساس ہو جاتا ہے کہ ایک رسم ہے باقی کچھ نہیں ہے۔ ہاں جیتی جاگتی تصویر اور زندہ
